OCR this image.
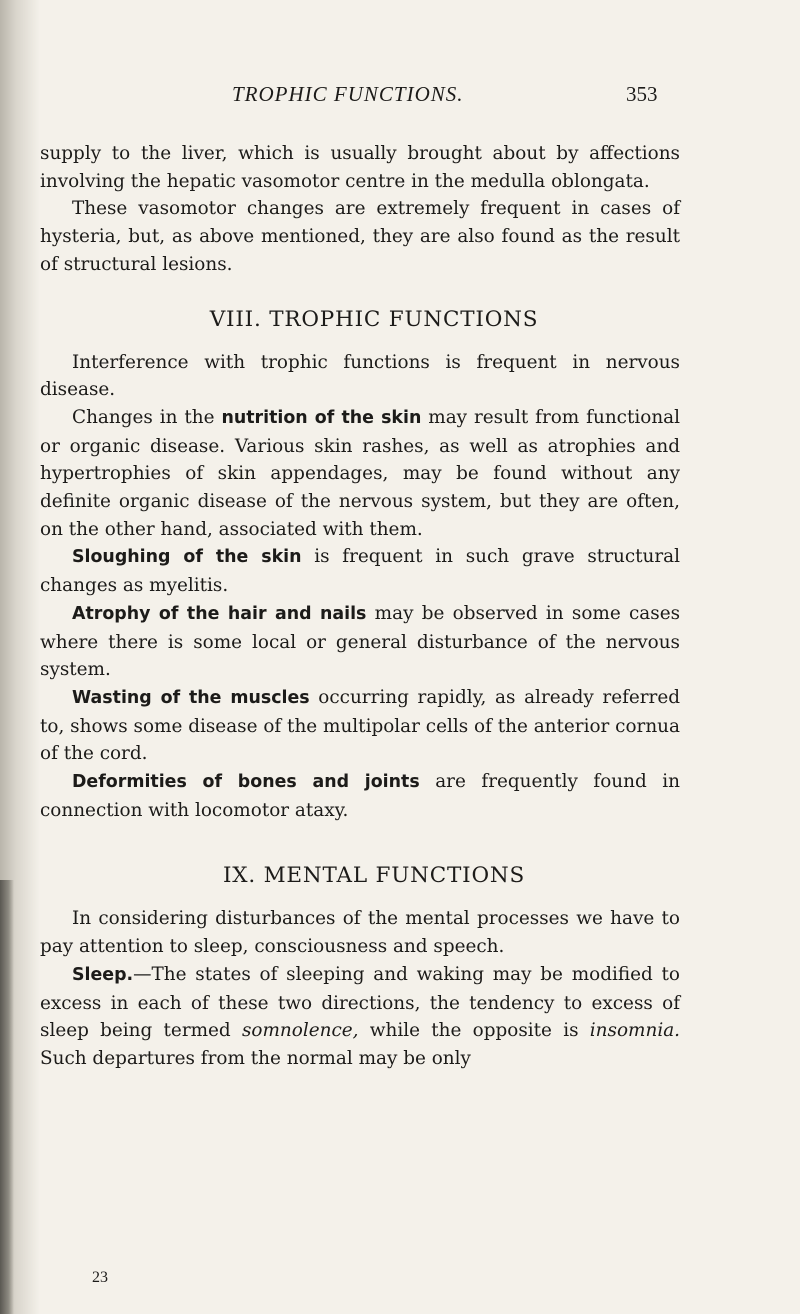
TROPHIC FUNCTIONS.	353

supply to the liver, which is usually brought about by affections involving the hepatic vasomotor centre in the medulla oblongata.

These vasomotor changes are extremely frequent in cases of hysteria, but, as above mentioned, they are also found as the result of structural lesions.

VIII. TROPHIC FUNCTIONS

Interference with trophic functions is frequent in nervous disease.

Changes in the nutrition of the skin may result from functional or organic disease. Various skin rashes, as well as atrophies and hypertrophies of skin appendages, may be found without any definite organic disease of the nervous system, but they are often, on the other hand, associated with them.

Sloughing of the skin is frequent in such grave structural changes as myelitis.

Atrophy of the hair and nails may be observed in some cases where there is some local or general disturbance of the nervous system.

Wasting of the muscles occurring rapidly, as already referred to, shows some disease of the multipolar cells of the anterior cornua of the cord.

Deformities of bones and joints are frequently found in connection with locomotor ataxy.

IX. MENTAL FUNCTIONS

In considering disturbances of the mental processes we have to pay attention to sleep, consciousness and speech.

Sleep.—The states of sleeping and waking may be modified to excess in each of these two directions, the tendency to excess of sleep being termed somnolence, while the opposite is insomnia. Such departures from the normal may be only

23
